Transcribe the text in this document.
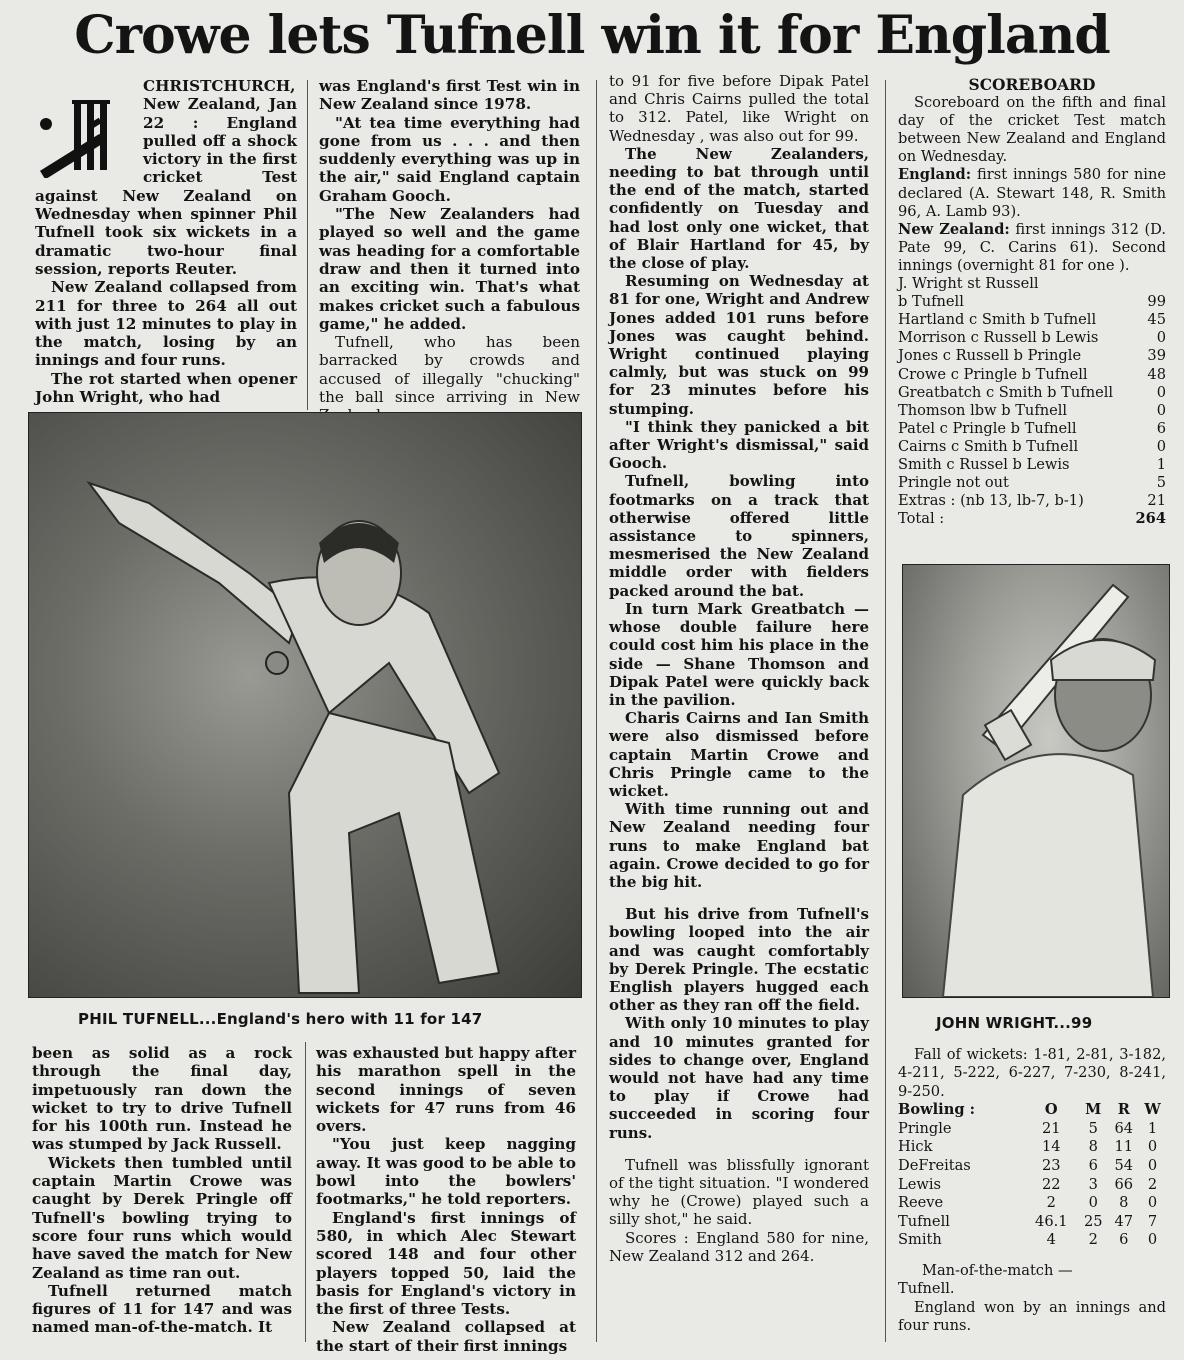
Crowe lets Tufnell win it for England

CHRISTCHURCH, New Zealand, Jan 22 : England pulled off a shock victory in the first cricket Test against New Zealand on Wednesday when spinner Phil Tufnell took six wickets in a dramatic two-hour final session, reports Reuter.

New Zealand collapsed from 211 for three to 264 all out with just 12 minutes to play in the match, losing by an innings and four runs.

The rot started when opener John Wright, who had

was England's first Test win in New Zealand since 1978.

"At tea time everything had gone from us . . . and then suddenly everything was up in the air," said England captain Graham Gooch.

"The New Zealanders had played so well and the game was heading for a comfortable draw and then it turned into an exciting win. That's what makes cricket such a fabulous game," he added.

Tufnell, who has been barracked by crowds and accused of illegally "chucking" the ball since arriving in New

PHIL TUFNELL...England's hero with 11 for 147

been as solid as a rock through the final day, impetuously ran down the wicket to try to drive Tufnell for his 100th run. Instead he was stumped by Jack Russell.

Wickets then tumbled until captain Martin Crowe was caught by Derek Pringle off Tufnell's bowling trying to score four runs which would have saved the match for New Zealand as time ran out.

Tufnell returned match figures of 11 for 147 and was named man-of-the-match. It

was exhausted but happy after his marathon spell in the second innings of seven wickets for 47 runs from 46 overs.

"You just keep nagging away. It was good to be able to bowl into the bowlers' footmarks," he told reporters.

England's first innings of 580, in which Alec Stewart scored 148 and four other players topped 50, laid the basis for England's victory in the first of three Tests.

New Zealand collapsed at the start of their first innings

to 91 for five before Dipak Patel and Chris Cairns pulled the total to 312. Patel, like Wright on Wednesday , was also out for 99.

The New Zealanders, needing to bat through until the end of the match, started confidently on Tuesday and had lost only one wicket, that of Blair Hartland for 45, by the close of play.

Resuming on Wednesday at 81 for one, Wright and Andrew Jones added 101 runs before Jones was caught behind. Wright continued playing calmly, but was stuck on 99 for 23 minutes before his stumping.

"I think they panicked a bit after Wright's dismissal," said Gooch.

Tufnell, bowling into footmarks on a track that otherwise offered little assistance to spinners, mesmerised the New Zealand middle order with fielders packed around the bat.

In turn Mark Greatbatch — whose double failure here could cost him his place in the side — Shane Thomson and Dipak Patel were quickly back in the pavilion.

Charis Cairns and Ian Smith were also dismissed before captain Martin Crowe and Chris Pringle came to the wicket.

With time running out and New Zealand needing four runs to make England bat again. Crowe decided to go for the big hit.

But his drive from Tufnell's bowling looped into the air and was caught comfortably by Derek Pringle. The ecstatic English players hugged each other as they ran off the field.

With only 10 minutes to play and 10 minutes granted for sides to change over, England would not have had any time to play if Crowe had succeeded in scoring four runs.

Tufnell was blissfully ignorant of the tight situation. "I wondered why he (Crowe) played such a silly shot," he said.

Scores : England 580 for nine, New Zealand 312 and 264.

SCOREBOARD

Scoreboard on the fifth and final day of the cricket Test match between New Zealand and England on Wednesday.

England: first innings 580 for nine declared (A. Stewart 148, R. Smith 96, A. Lamb 93).

New Zealand: first innings 312 (D. Pate 99, C. Carins 61). Second innings (overnight 81 for one ).

J. Wright st Russell	
b Tufnell	99
Hartland c Smith b Tufnell	45
Morrison c Russell b Lewis	0
Jones c Russell b Pringle	39
Crowe c Pringle b Tufnell	48
Greatbatch c Smith b Tufnell	0
Thomson lbw b Tufnell	0
Patel c Pringle b Tufnell	6
Cairns c Smith b Tufnell	0
Smith c Russel b Lewis	1
Pringle not out	5
Extras : (nb 13, lb-7, b-1)	21
Total :	264
JOHN WRIGHT...99

Fall of wickets: 1-81, 2-81, 3-182, 4-211, 5-222, 6-227, 7-230, 8-241, 9-250.

Bowling :	O	M	R	W
Pringle	21	5	64	1
Hick	14	8	11	0
DeFreitas	23	6	54	0
Lewis	22	3	66	2
Reeve	2	0	8	0
Tufnell	46.1	25	47	7
Smith	4	2	6	0

Man-of-the-match —

Tufnell.

England won by an innings and four runs.
